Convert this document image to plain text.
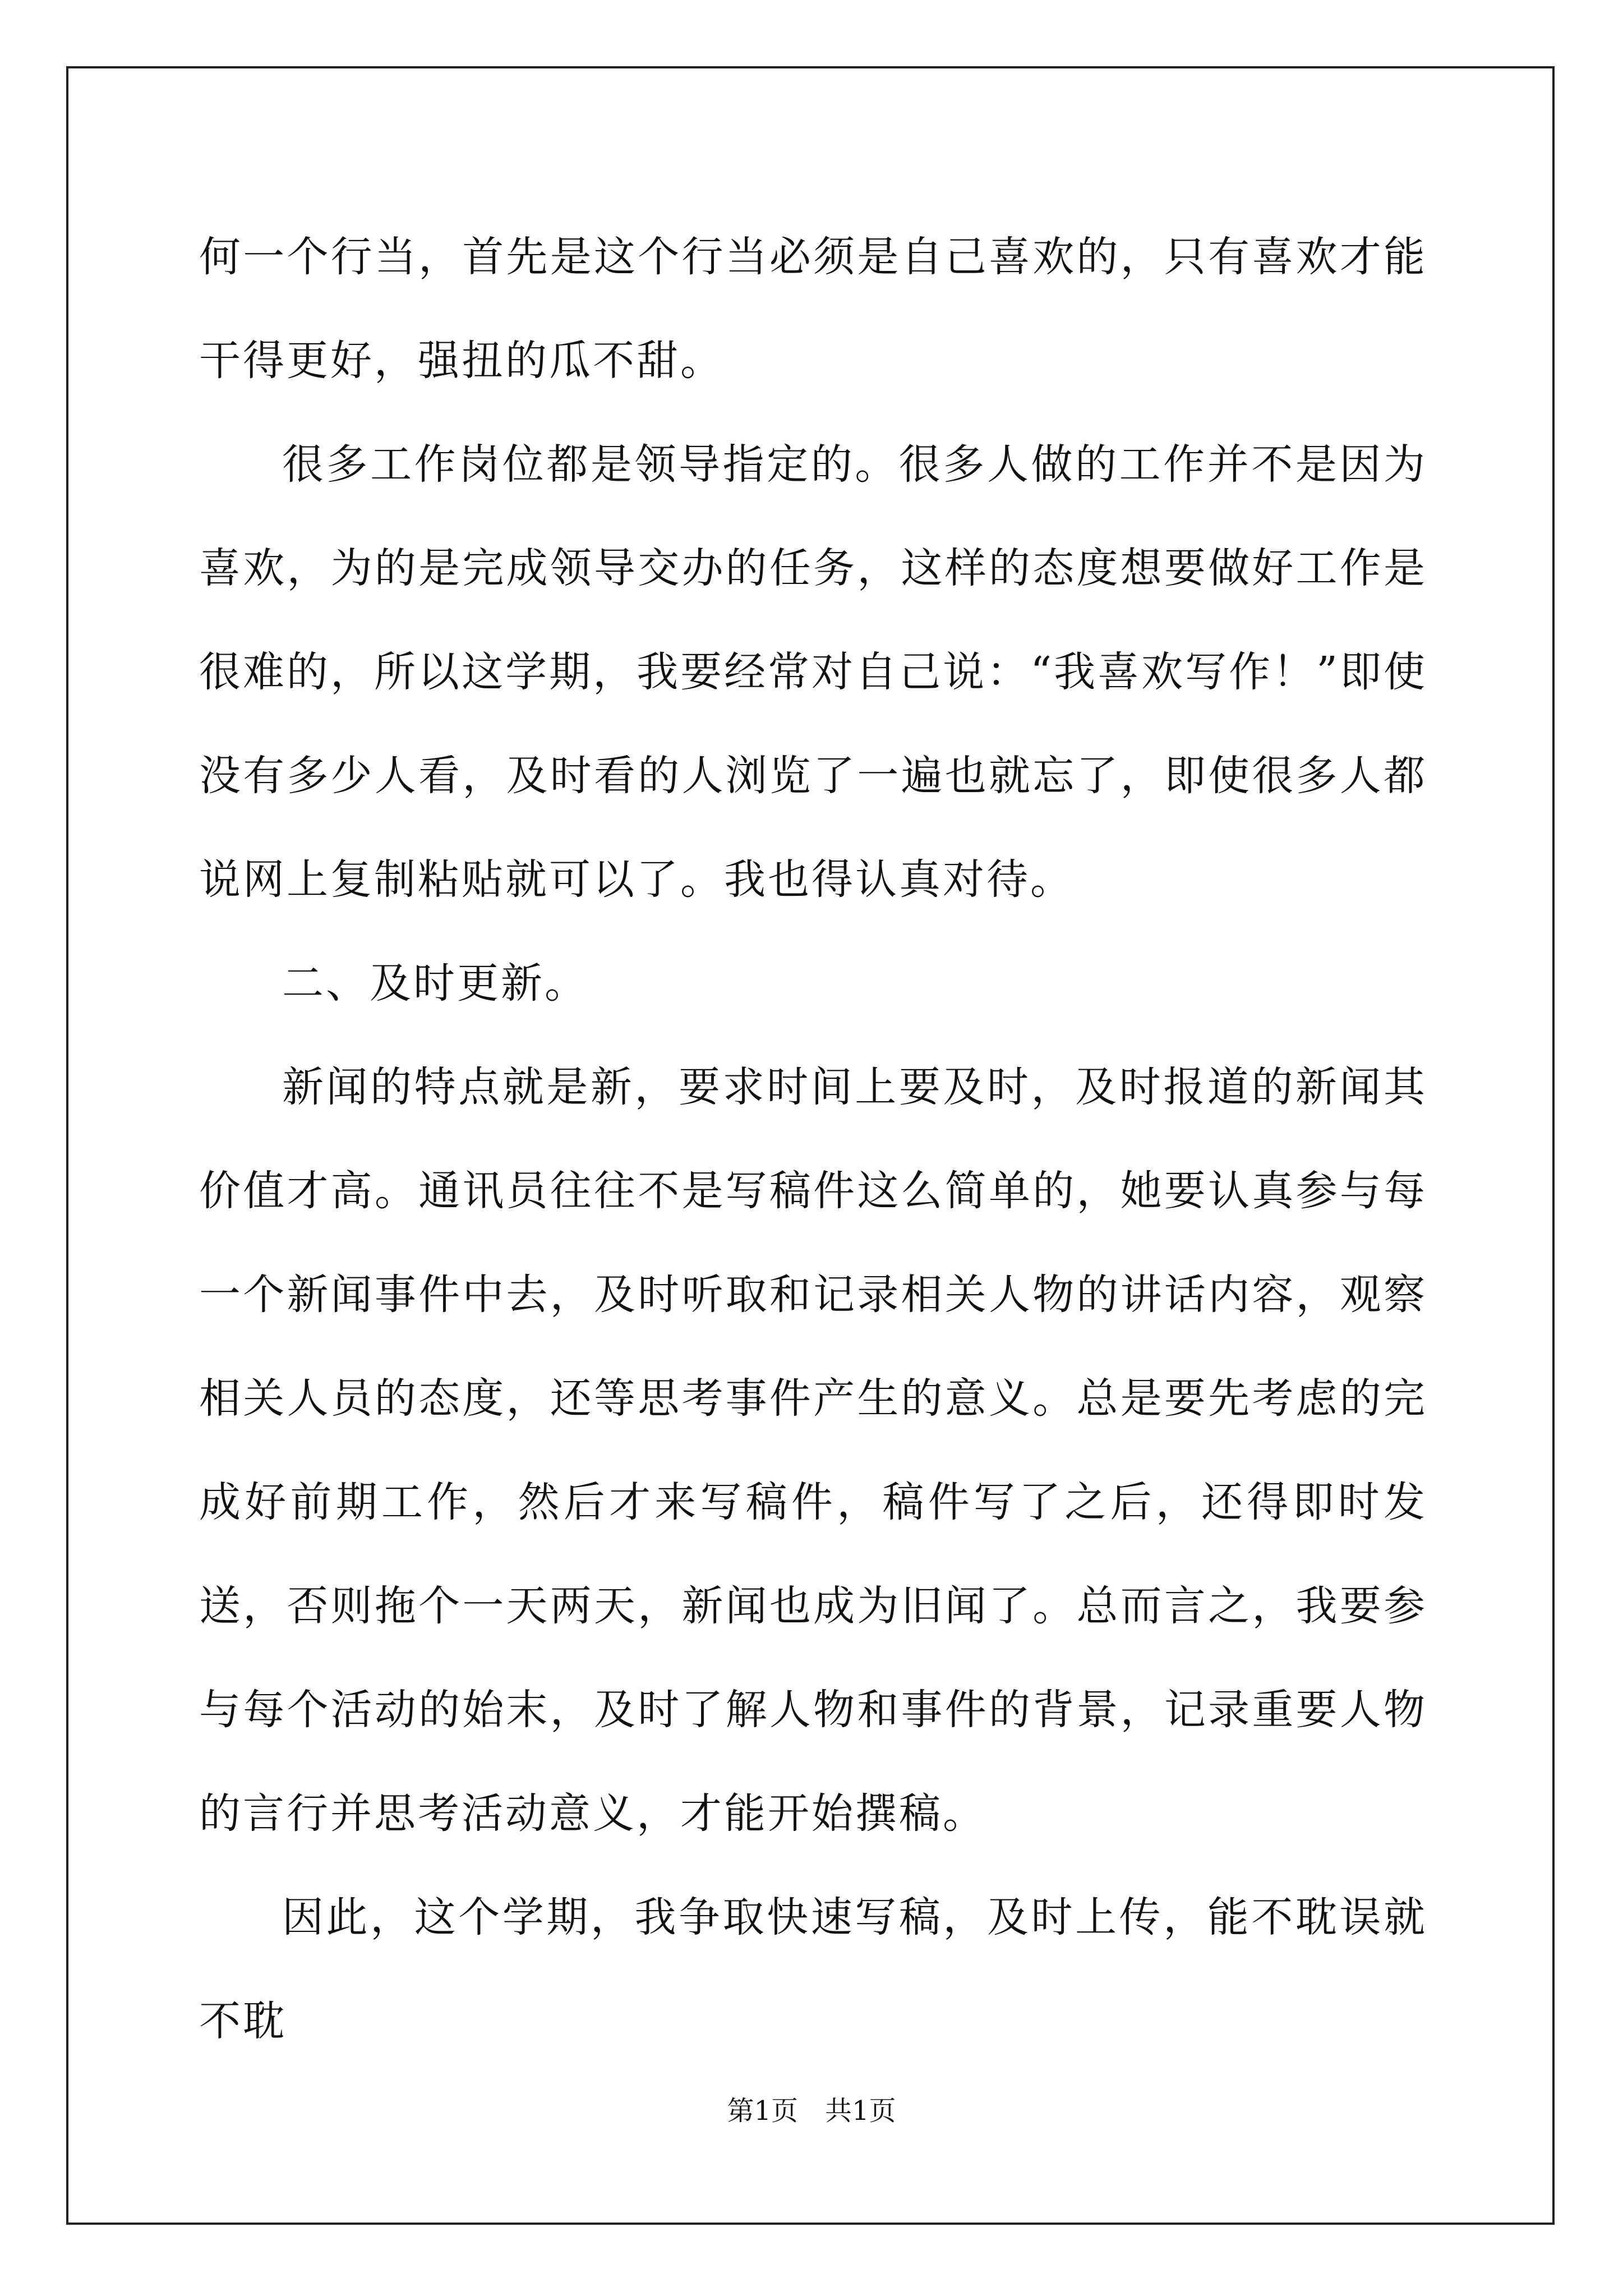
何一个行当，首先是这个行当必须是自己喜欢的，只有喜欢才能干得更好，强扭的瓜不甜。

很多工作岗位都是领导指定的。很多人做的工作并不是因为喜欢，为的是完成领导交办的任务，这样的态度想要做好工作是很难的，所以这学期，我要经常对自己说：“我喜欢写作！”即使没有多少人看，及时看的人浏览了一遍也就忘了，即使很多人都说网上复制粘贴就可以了。我也得认真对待。

二、及时更新。

新闻的特点就是新，要求时间上要及时，及时报道的新闻其价值才高。通讯员往往不是写稿件这么简单的，她要认真参与每一个新闻事件中去，及时听取和记录相关人物的讲话内容，观察相关人员的态度，还等思考事件产生的意义。总是要先考虑的完成好前期工作，然后才来写稿件，稿件写了之后，还得即时发送，否则拖个一天两天，新闻也成为旧闻了。总而言之，我要参与每个活动的始末，及时了解人物和事件的背景，记录重要人物的言行并思考活动意义，才能开始撰稿。

因此，这个学期，我争取快速写稿，及时上传，能不耽误就不耽

第1页　共1页
